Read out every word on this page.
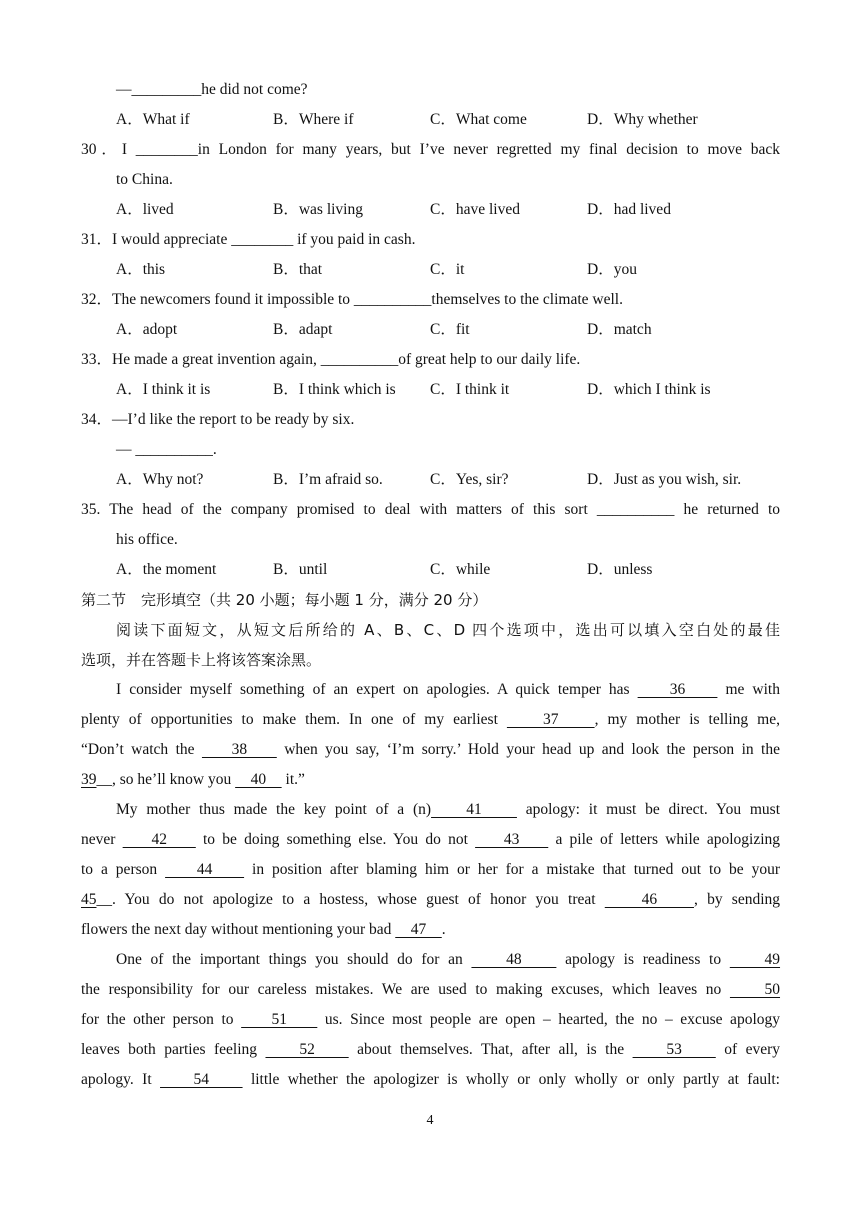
—_________he did not come?
A．What if	B．Where if	C．What come	D．Why whether
30．I ________in London for many years, but I’ve never regretted my final decision to move back
to China.
A．lived	B．was living	C．have lived	D．had lived
31．I would appreciate ________ if you paid in cash.
A．this	B．that	C．it	D．you
32．The newcomers found it impossible to __________themselves to the climate well.
A．adopt	B．adapt	C．fit	D．match
33．He made a great invention again, __________of great help to our daily life.
A．I think it is	B．I think which is C．I think it	D．which I think is
34．—I’d like the report to be ready by six.
— __________.
A．Why not?	B．I’m afraid so.	C．Yes, sir?	D．Just as you wish, sir.
35. The head of the company promised to deal with matters of this sort __________ he returned to
his office.
A．the moment	B．until	C．while	D．unless
第二节　完形填空（共 20 小题；每小题 1 分，满分 20 分）
阅读下面短文，从短文后所给的 A、B、C、D 四个选项中，选出可以填入空白处的最佳
选项，并在答题卡上将该答案涂黑。
I consider myself something of an expert on apologies. A quick temper has     36     me with
plenty of opportunities to make them. In one of my earliest     37    , my mother is telling me,
“Don’t watch the     38     when you say, ‘I’m sorry.’ Hold your head up and look the person in the
39__, so he’ll know you     40     it.”
My mother thus made the key point of a (n)    41     apology: it must be direct. You must
never     42     to be doing something else. You do not     43     a pile of letters while apologizing
to a person     44     in position after blaming him or her for a mistake that turned out to be your
45__. You do not apologize to a hostess, whose guest of honor you treat     46    , by sending
flowers the next day without mentioning your bad     47    .
One of the important things you should do for an     48     apology is readiness to     49
the responsibility for our careless mistakes. We are used to making excuses, which leaves no     50
for the other person to     51     us. Since most people are open – hearted, the no – excuse apology
leaves both parties feeling     52     about themselves. That, after all, is the     53     of every
apology. It     54     little whether the apologizer is wholly or only wholly or only partly at fault:
4
